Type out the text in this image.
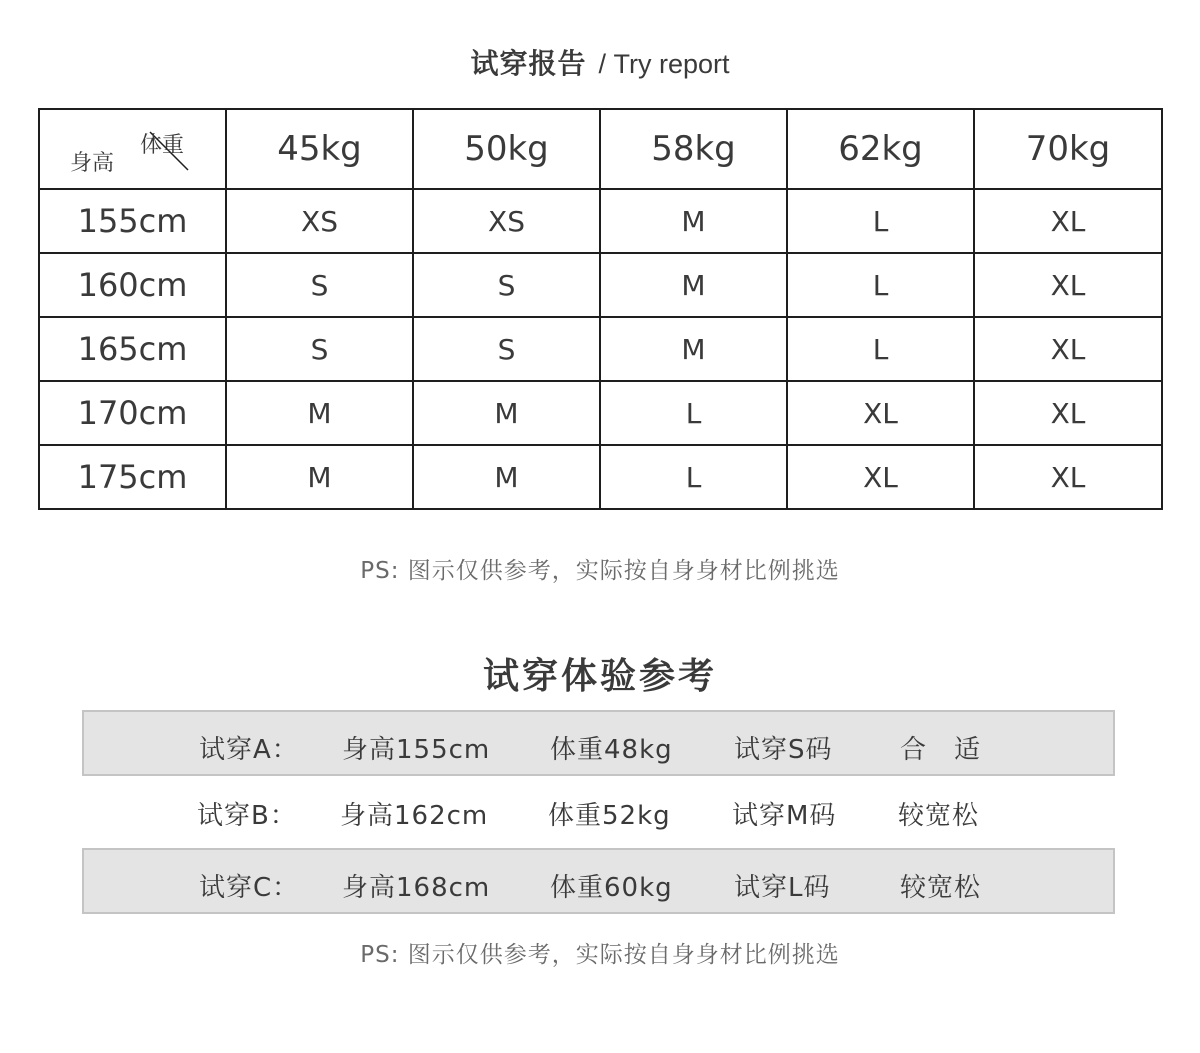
试穿报告 / Try report
身高
体重	45kg	50kg	58kg	62kg	70kg
155cm	XS	XS	M	L	XL
160cm	S	S	M	L	XL
165cm	S	S	M	L	XL
170cm	M	M	L	XL	XL
175cm	M	M	L	XL	XL
PS: 图示仅供参考，实际按自身身材比例挑选
试穿体验参考
试穿A： 身高155cm 体重48kg 试穿S码	合　适
试穿B： 身高162cm 体重52kg 试穿M码 较宽松
试穿C： 身高168cm 体重60kg 试穿L码	较宽松
PS: 图示仅供参考，实际按自身身材比例挑选
